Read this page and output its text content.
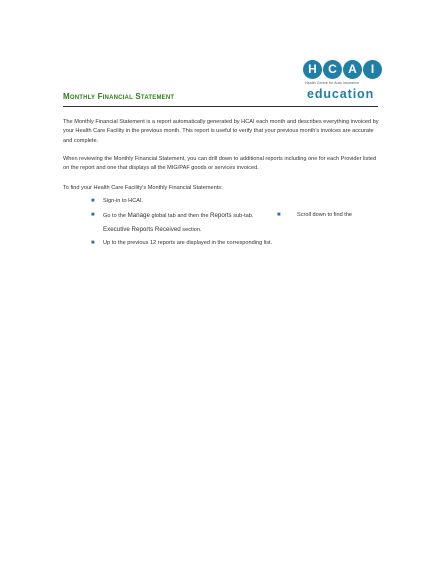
H C A	I
Health Centre for Auto Insurance
education
Monthly Financial Statement
The Monthly Financial Statement is a report automatically generated by HCAI each month and describes everything invoiced by your Health Care Facility in the previous month. This report is useful to verify that your previous month's invoices are accurate and complete.
When reviewing the Monthly Financial Statement, you can drill down to additional reports including one for each Provider listed on the report and one that displays all the MIG/PAF goods or services invoiced.
To find your Health Care Facility's Monthly Financial Statements:
■ Sign-in to HCAI.
■ Go to the Manage global tab and then the Reports sub-tab.	■	Scroll down to find the
Executive Reports Received section.
■ Up to the previous 12 reports are displayed in the corresponding list.
